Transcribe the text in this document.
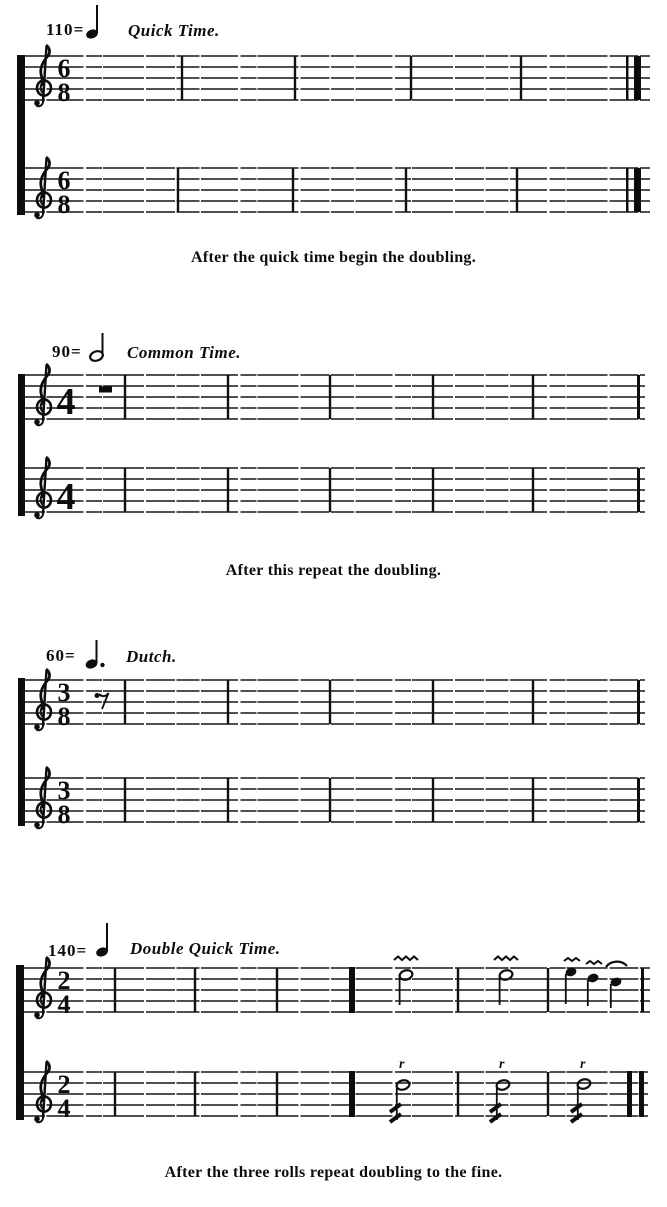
110=	Quick Time.
6
8
6
8
After the quick time begin the doubling.
90=	Common Time.
4
4
After this repeat the doubling.
60=	Dutch.
3
8
3
8
140=	Double Quick Time.
2
4
2
4
r	r	r
After the three rolls repeat doubling to the fine.
